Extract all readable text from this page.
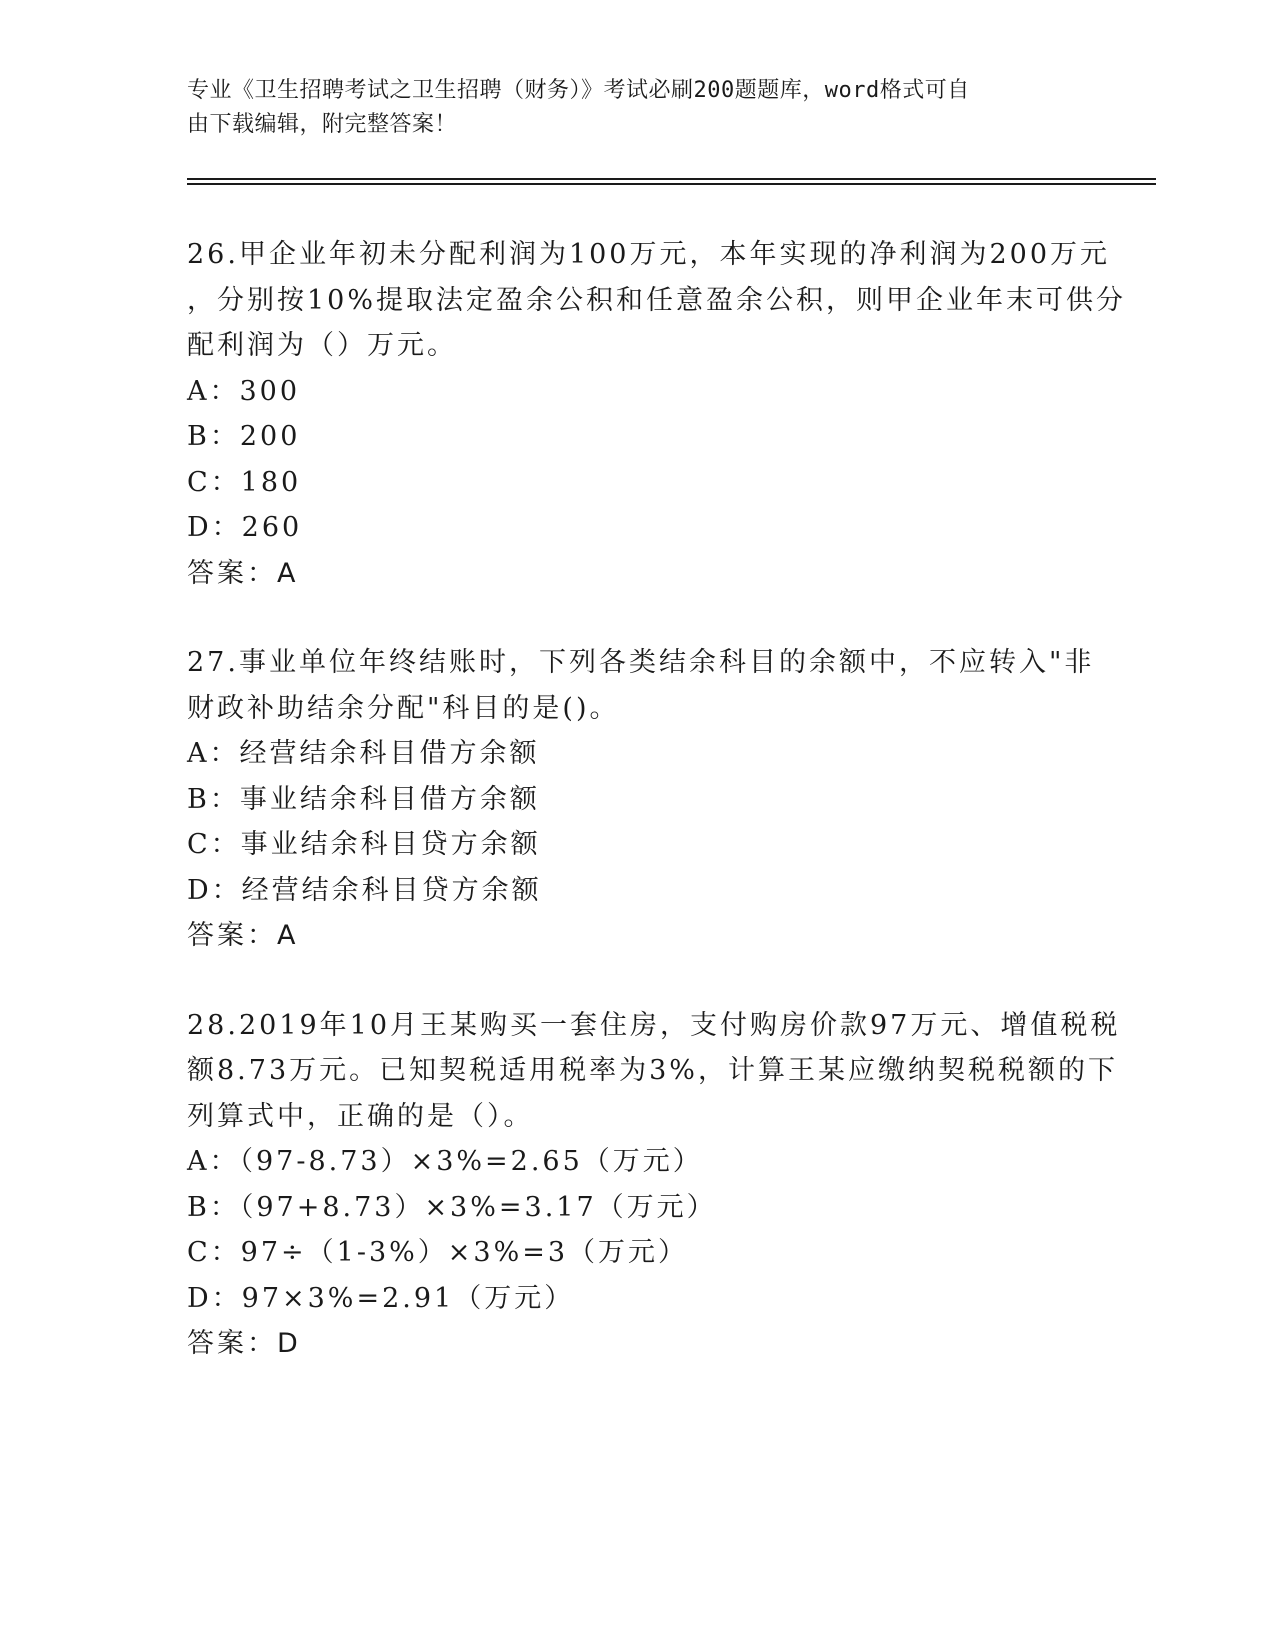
专业《卫生招聘考试之卫生招聘（财务）》考试必刷200题题库，word格式可自
由下载编辑，附完整答案！
26.甲企业年初未分配利润为100万元，本年实现的净利润为200万元
，分别按10%提取法定盈余公积和任意盈余公积，则甲企业年末可供分
配利润为（）万元。
A：300
B：200
C：180
D：260
答案：A
27.事业单位年终结账时，下列各类结余科目的余额中，不应转入"非
财政补助结余分配"科目的是()。
A：经营结余科目借方余额
B：事业结余科目借方余额
C：事业结余科目贷方余额
D：经营结余科目贷方余额
答案：A
28.2019年10月王某购买一套住房，支付购房价款97万元、增值税税
额8.73万元。已知契税适用税率为3%，计算王某应缴纳契税税额的下
列算式中，正确的是（）。
A：（97-8.73）×3%=2.65（万元）
B：（97+8.73）×3%=3.17（万元）
C：97÷（1-3%）×3%=3（万元）
D：97×3%=2.91（万元）
答案：D
